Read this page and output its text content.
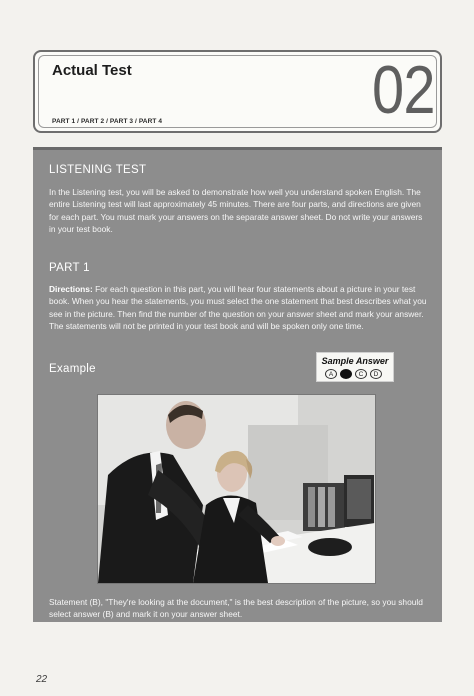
Actual Test
PART 1 / PART 2 / PART 3 / PART 4	02
LISTENING TEST

In the Listening test, you will be asked to demonstrate how well you understand spoken English. The entire Listening test will last approximately 45 minutes. There are four parts, and directions are given for each part. You must mark your answers on the separate answer sheet. Do not write your answers in your test book.

PART 1

Directions: For each question in this part, you will hear four statements about a picture in your test book. When you hear the statements, you must select the one statement that best describes what you see in the picture. Then find the number of the question on your answer sheet and mark your answer. The statements will not be printed in your test book and will be spoken only one time.

Example
Sample Answer
A	C	D

Statement (B), "They're looking at the document," is the best description of the picture, so you should select answer (B) and mark it on your answer sheet.

22
